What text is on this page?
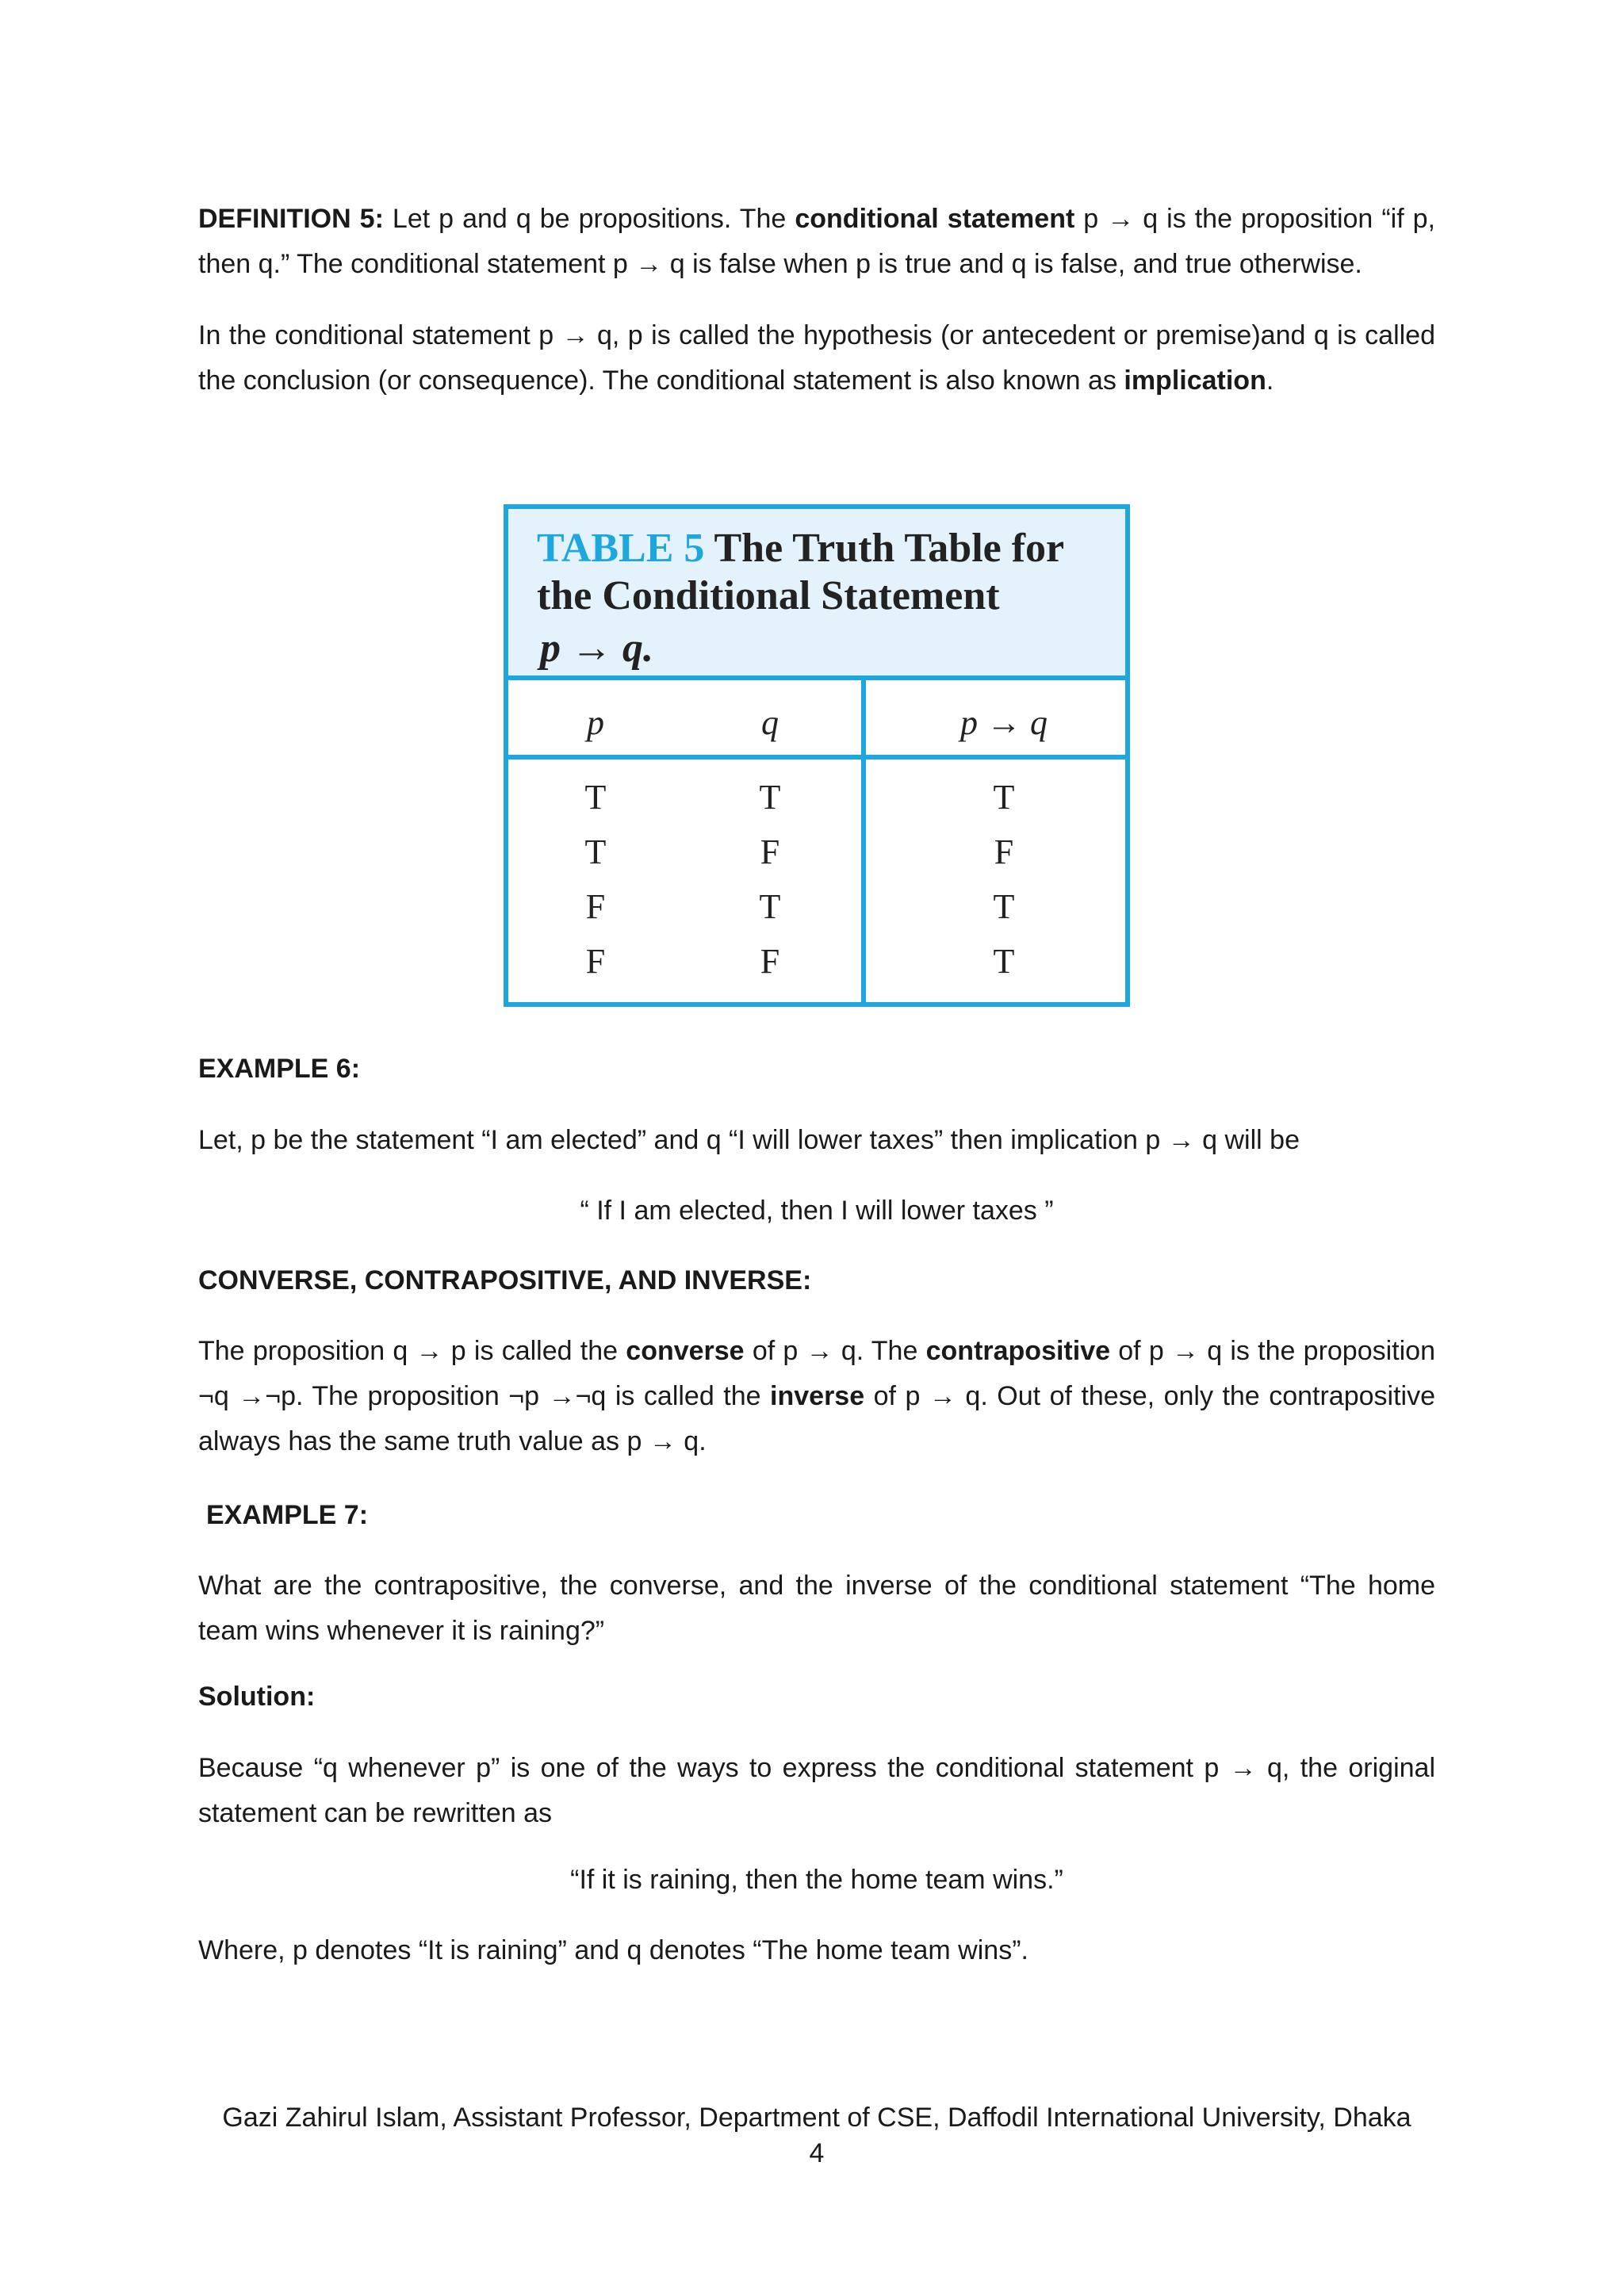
DEFINITION 5: Let p and q be propositions. The conditional statement p → q is the proposition “if p, then q.” The conditional statement p → q is false when p is true and q is false, and true otherwise.
In the conditional statement p → q, p is called the hypothesis (or antecedent or premise)and q is called the conclusion (or consequence). The conditional statement is also known as implication.
TABLE 5 The Truth Table for the Conditional Statement
p → q.
p	q	p → q
T	T	T
T	F	F
F	T	T
F	F	T
EXAMPLE 6:
Let, p be the statement “I am elected” and q “I will lower taxes” then implication p → q will be
“ If I am elected, then I will lower taxes ”
CONVERSE, CONTRAPOSITIVE, AND INVERSE:
The proposition q → p is called the converse of p → q. The contrapositive of p → q is the proposition ¬q →¬p. The proposition ¬p →¬q is called the inverse of p → q. Out of these, only the contrapositive always has the same truth value as p → q.
EXAMPLE 7:
What are the contrapositive, the converse, and the inverse of the conditional statement “The home team wins whenever it is raining?”
Solution:
Because “q whenever p” is one of the ways to express the conditional statement p → q, the original statement can be rewritten as
“If it is raining, then the home team wins.”
Where, p denotes “It is raining” and q denotes “The home team wins”.
Gazi Zahirul Islam, Assistant Professor, Department of CSE, Daffodil International University, Dhaka
4
